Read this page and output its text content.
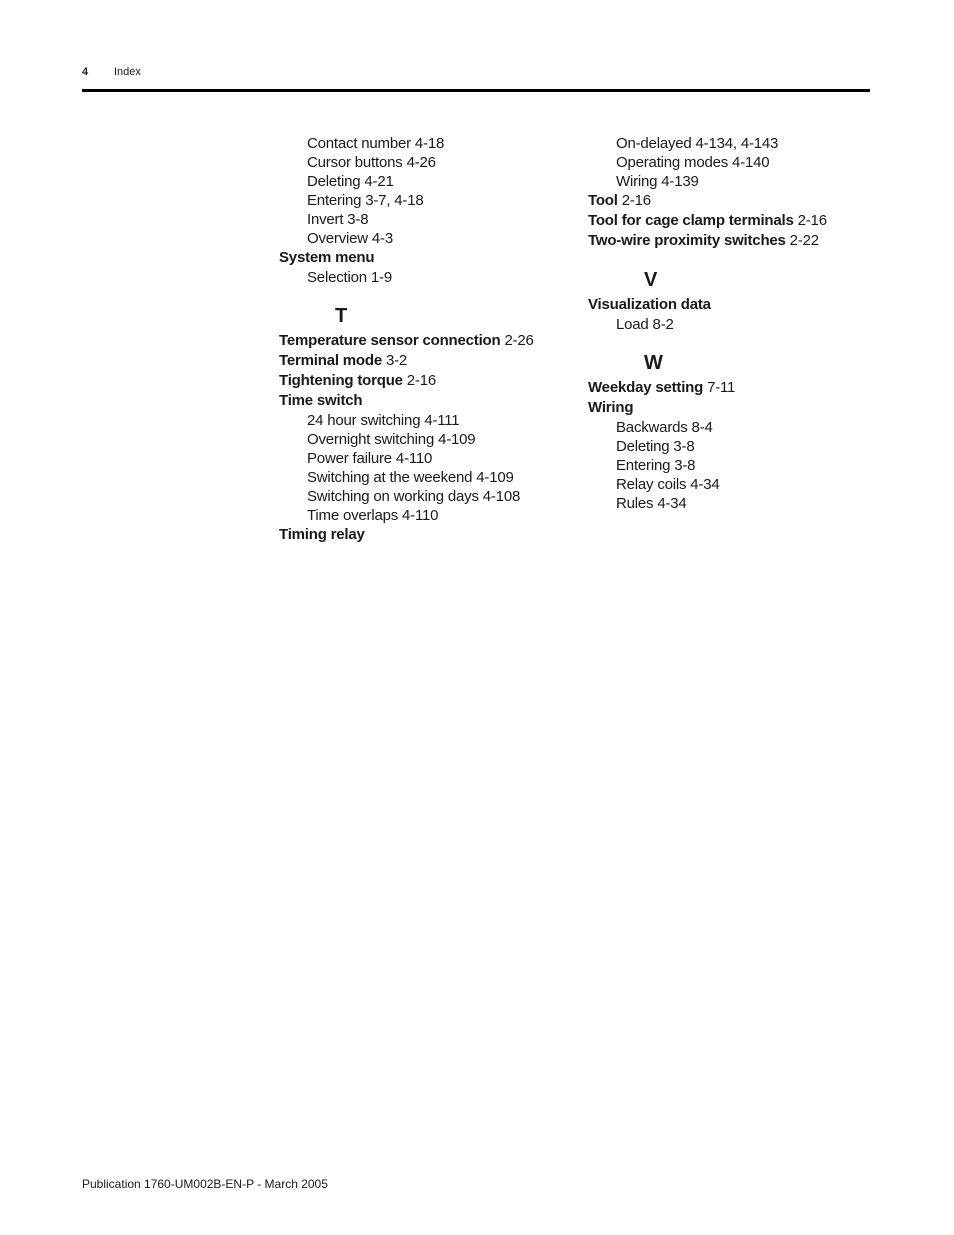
4 Index
Contact number 4-18
Cursor buttons 4-26
Deleting 4-21
Entering 3-7, 4-18
Invert 3-8
Overview 4-3
System menu
Selection 1-9
T
Temperature sensor connection 2-26
Terminal mode 3-2
Tightening torque 2-16
Time switch
24 hour switching 4-111
Overnight switching 4-109
Power failure 4-110
Switching at the weekend 4-109
Switching on working days 4-108
Time overlaps 4-110
Timing relay
On-delayed 4-134, 4-143
Operating modes 4-140
Wiring 4-139
Tool 2-16
Tool for cage clamp terminals 2-16
Two-wire proximity switches 2-22
V
Visualization data
Load 8-2
W
Weekday setting 7-11
Wiring
Backwards 8-4
Deleting 3-8
Entering 3-8
Relay coils 4-34
Rules 4-34
Publication 1760-UM002B-EN-P - March 2005
